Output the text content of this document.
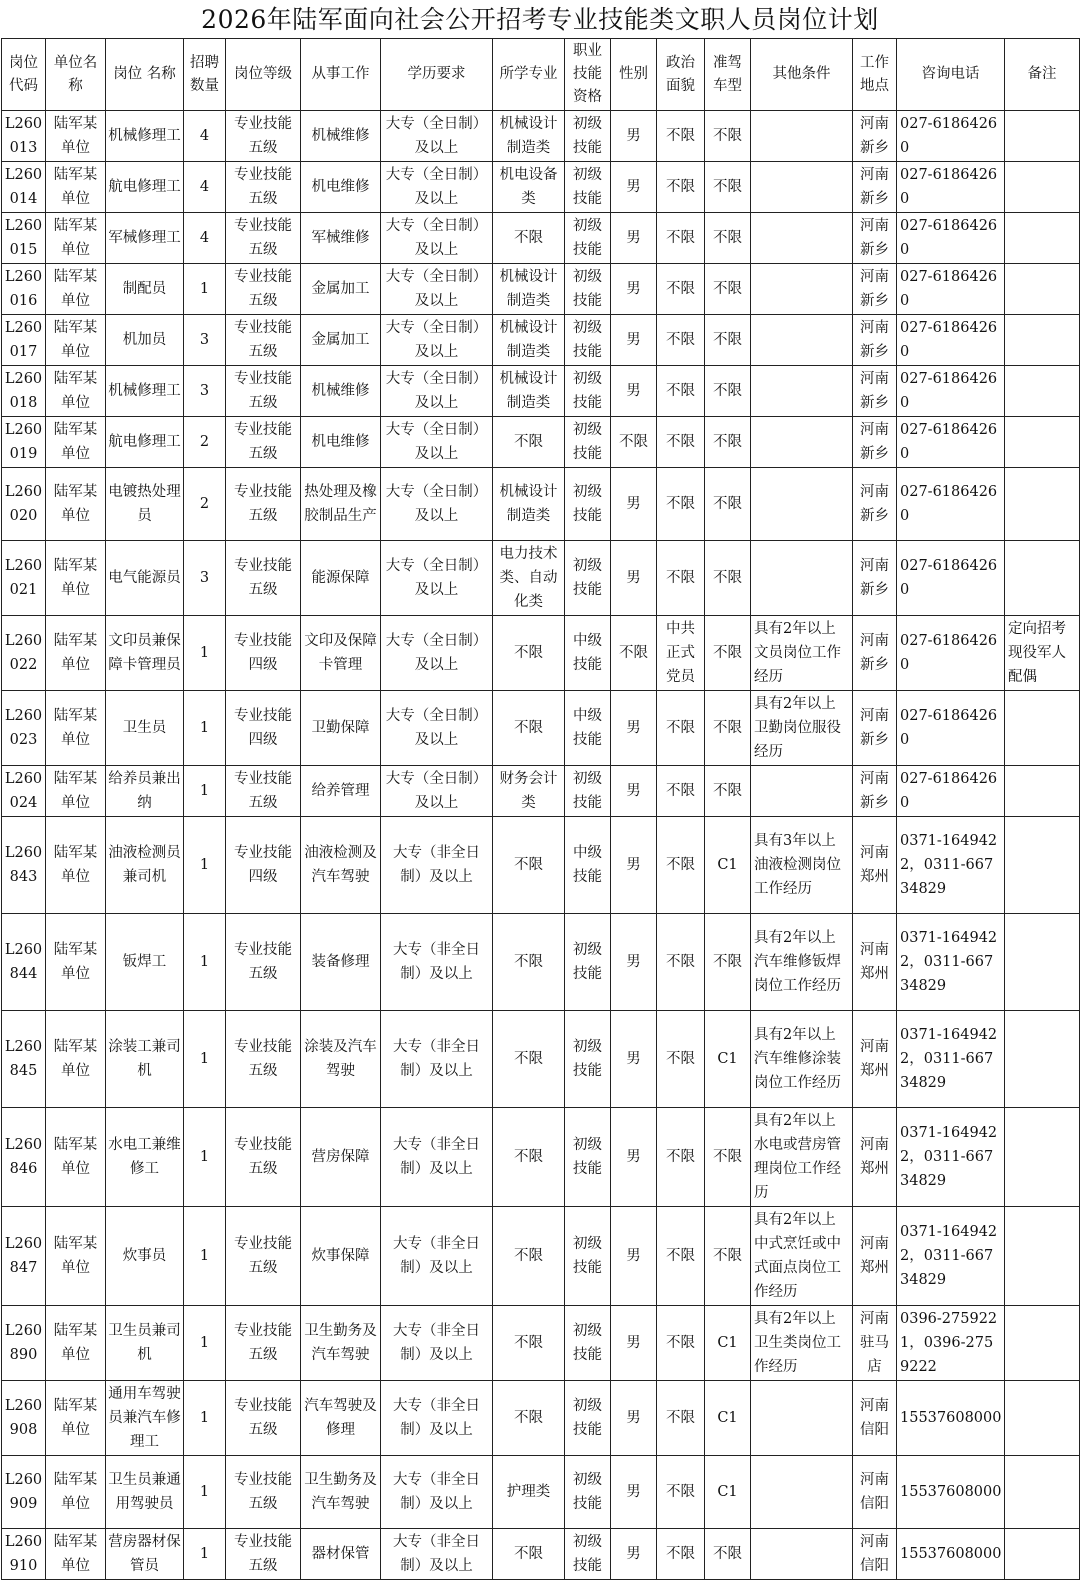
2026年陆军面向社会公开招考专业技能类文职人员岗位计划
岗位代码	单位名称	岗位 名称	招聘数量	岗位等级	从事工作	学历要求	所学专业	职业技能资格	性别	政治面貌	准驾车型	其他条件	工作地点	咨询电话	备注
L260013	陆军某单位	机械修理工	4	专业技能五级	机械维修	大专（全日制）及以上	机械设计制造类	初级技能	男	不限	不限		河南新乡	027-61864260	
L260014	陆军某单位	航电修理工	4	专业技能五级	机电维修	大专（全日制）及以上	机电设备类	初级技能	男	不限	不限		河南新乡	027-61864260	
L260015	陆军某单位	军械修理工	4	专业技能五级	军械维修	大专（全日制）及以上	不限	初级技能	男	不限	不限		河南新乡	027-61864260	
L260016	陆军某单位	制配员	1	专业技能五级	金属加工	大专（全日制）及以上	机械设计制造类	初级技能	男	不限	不限		河南新乡	027-61864260	
L260017	陆军某单位	机加员	3	专业技能五级	金属加工	大专（全日制）及以上	机械设计制造类	初级技能	男	不限	不限		河南新乡	027-61864260	
L260018	陆军某单位	机械修理工	3	专业技能五级	机械维修	大专（全日制）及以上	机械设计制造类	初级技能	男	不限	不限		河南新乡	027-61864260	
L260019	陆军某单位	航电修理工	2	专业技能五级	机电维修	大专（全日制）及以上	不限	初级技能	不限	不限	不限		河南新乡	027-61864260	
L260020	陆军某单位	电镀热处理员	2	专业技能五级	热处理及橡胶制品生产	大专（全日制）及以上	机械设计制造类	初级技能	男	不限	不限		河南新乡	027-61864260	
L260021	陆军某单位	电气能源员	3	专业技能五级	能源保障	大专（全日制）及以上	电力技术类、自动化类	初级技能	男	不限	不限		河南新乡	027-61864260	
L260022	陆军某单位	文印员兼保障卡管理员	1	专业技能四级	文印及保障卡管理	大专（全日制）及以上	不限	中级技能	不限	中共正式党员	不限	具有2年以上文员岗位工作经历	河南新乡	027-61864260	定向招考现役军人配偶
L260023	陆军某单位	卫生员	1	专业技能四级	卫勤保障	大专（全日制）及以上	不限	中级技能	男	不限	不限	具有2年以上卫勤岗位服役经历	河南新乡	027-61864260	
L260024	陆军某单位	给养员兼出纳	1	专业技能五级	给养管理	大专（全日制）及以上	财务会计类	初级技能	男	不限	不限		河南新乡	027-61864260	
L260843	陆军某单位	油液检测员兼司机	1	专业技能四级	油液检测及汽车驾驶	大专（非全日制）及以上	不限	中级技能	男	不限	C1	具有3年以上油液检测岗位工作经历	河南郑州	0371-1649422，0311-66734829	
L260844	陆军某单位	钣焊工	1	专业技能五级	装备修理	大专（非全日制）及以上	不限	初级技能	男	不限	不限	具有2年以上汽车维修钣焊岗位工作经历	河南郑州	0371-1649422，0311-66734829	
L260845	陆军某单位	涂装工兼司机	1	专业技能五级	涂装及汽车驾驶	大专（非全日制）及以上	不限	初级技能	男	不限	C1	具有2年以上汽车维修涂装岗位工作经历	河南郑州	0371-1649422，0311-66734829	
L260846	陆军某单位	水电工兼维修工	1	专业技能五级	营房保障	大专（非全日制）及以上	不限	初级技能	男	不限	不限	具有2年以上水电或营房管理岗位工作经历	河南郑州	0371-1649422，0311-66734829	
L260847	陆军某单位	炊事员	1	专业技能五级	炊事保障	大专（非全日制）及以上	不限	初级技能	男	不限	不限	具有2年以上中式烹饪或中式面点岗位工作经历	河南郑州	0371-1649422，0311-66734829	
L260890	陆军某单位	卫生员兼司机	1	专业技能五级	卫生勤务及汽车驾驶	大专（非全日制）及以上	不限	初级技能	男	不限	C1	具有2年以上卫生类岗位工作经历	河南驻马店	0396-2759221，0396-2759222	
L260908	陆军某单位	通用车驾驶员兼汽车修理工	1	专业技能五级	汽车驾驶及修理	大专（非全日制）及以上	不限	初级技能	男	不限	C1		河南信阳	15537608000	
L260909	陆军某单位	卫生员兼通用驾驶员	1	专业技能五级	卫生勤务及汽车驾驶	大专（非全日制）及以上	护理类	初级技能	男	不限	C1		河南信阳	15537608000	
L260910	陆军某单位	营房器材保管员	1	专业技能五级	器材保管	大专（非全日制）及以上	不限	初级技能	男	不限	不限		河南信阳	15537608000	
